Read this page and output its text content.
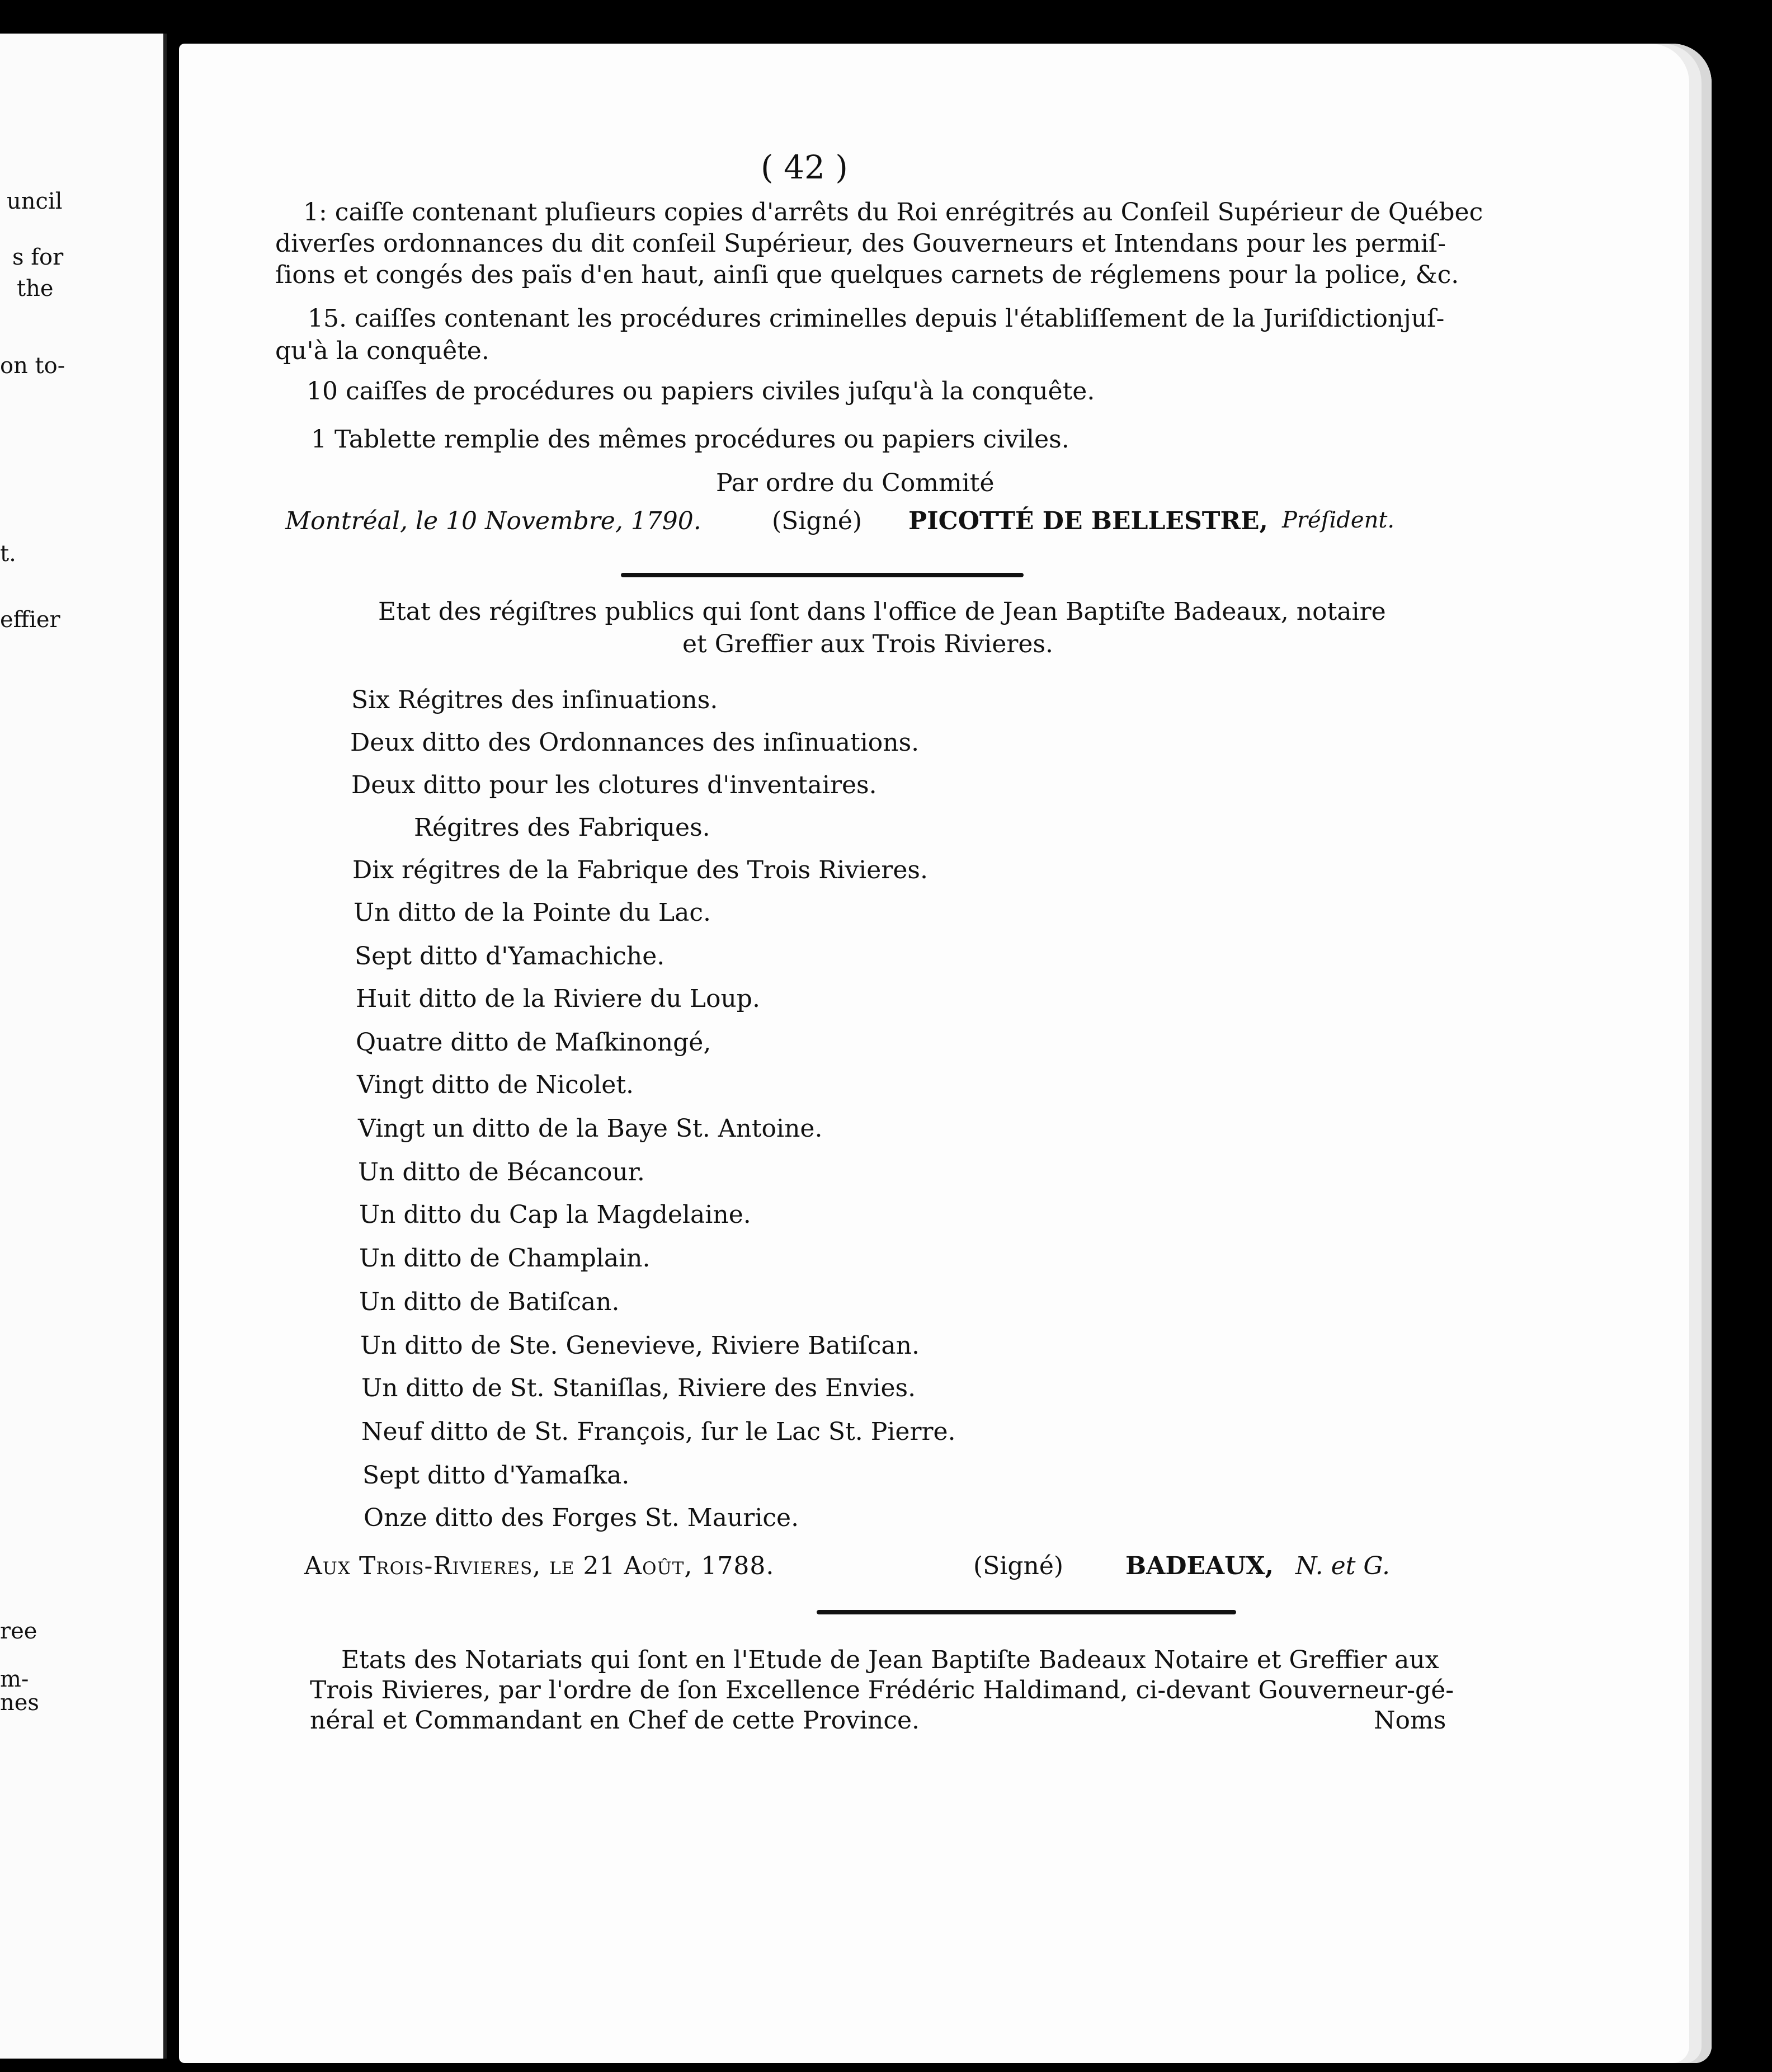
uncil
s for
the
on to-
t.
effier
ree
m-
nes
( 42 )
1: caiſſe contenant pluſieurs copies d'arrêts du Roi enrégitrés au Conſeil Supérieur de Québec
diverſes ordonnances du dit conſeil Supérieur, des Gouverneurs et Intendans pour les permiſ-
ſions et congés des païs d'en haut, ainſi que quelques carnets de réglemens pour la police, &c.
15. caiſſes contenant les procédures criminelles depuis l'établiſſement de la Juriſdictionjuſ-
qu'à la conquête.
10 caiſſes de procédures ou papiers civiles juſqu'à la conquête.
1 Tablette remplie des mêmes procédures ou papiers civiles.
Par ordre du Commité
Montréal, le 10 Novembre, 1790.	(Signé) PICOTTÉ DE BELLESTRE, Préſident.
Etat des régiſtres publics qui ſont dans l'office de Jean Baptiſte Badeaux, notaire
et Greffier aux Trois Rivieres.
Six Régitres des inſinuations.
Deux ditto des Ordonnances des inſinuations.
Deux ditto pour les clotures d'inventaires.
Régitres des Fabriques.
Dix régitres de la Fabrique des Trois Rivieres.
Un ditto de la Pointe du Lac.
Sept ditto d'Yamachiche.
Huit ditto de la Riviere du Loup.
Quatre ditto de Maſkinongé,
Vingt ditto de Nicolet.
Vingt un ditto de la Baye St. Antoine.
Un ditto de Bécancour.
Un ditto du Cap la Magdelaine.
Un ditto de Champlain.
Un ditto de Batiſcan.
Un ditto de Ste. Genevieve, Riviere Batiſcan.
Un ditto de St. Staniſlas, Riviere des Envies.
Neuf ditto de St. François, ſur le Lac St. Pierre.
Sept ditto d'Yamaſka.
Onze ditto des Forges St. Maurice.
Aux Trois-Rivieres, le 21 Août, 1788.	(Signé)	BADEAUX, N. et G.
Etats des Notariats qui ſont en l'Etude de Jean Baptiſte Badeaux Notaire et Greffier aux
Trois Rivieres, par l'ordre de ſon Excellence Frédéric Haldimand, ci-devant Gouverneur-gé-
néral et Commandant en Chef de cette Province.	Noms
